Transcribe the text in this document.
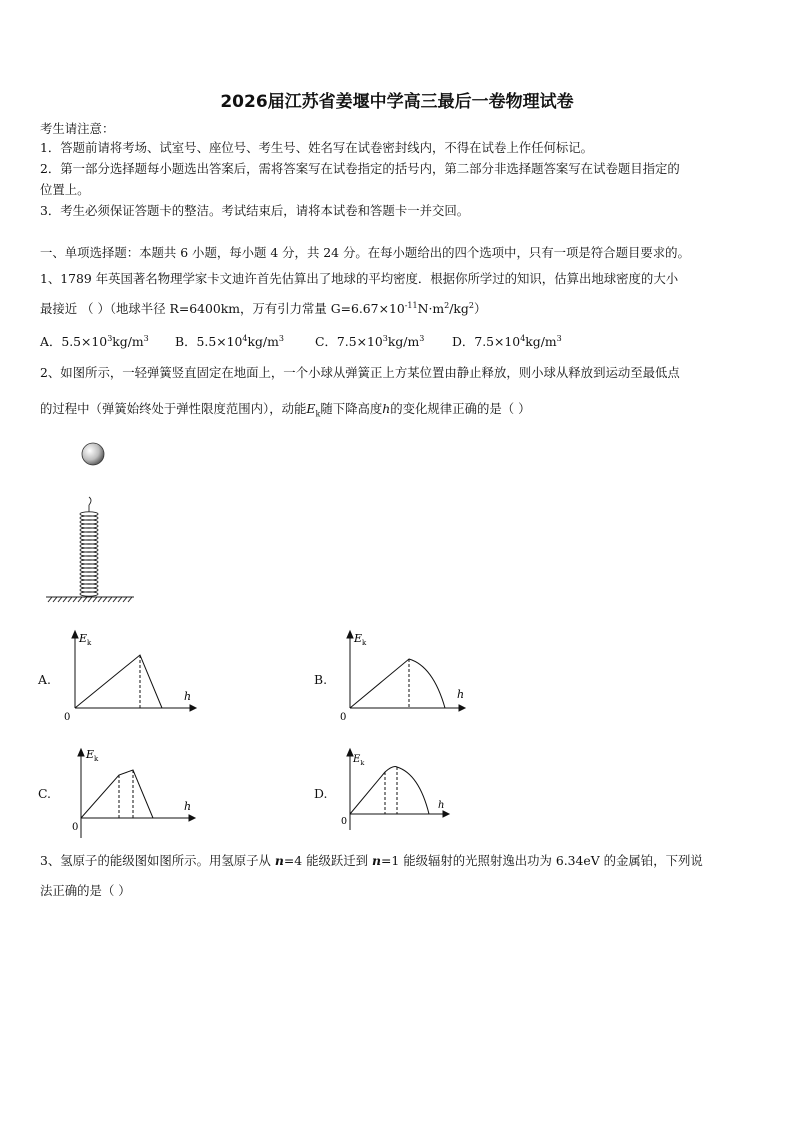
2026届江苏省姜堰中学高三最后一卷物理试卷
考生请注意：
1．答题前请将考场、试室号、座位号、考生号、姓名写在试卷密封线内，不得在试卷上作任何标记。
2．第一部分选择题每小题选出答案后，需将答案写在试卷指定的括号内，第二部分非选择题答案写在试卷题目指定的
位置上。
3．考生必须保证答题卡的整洁。考试结束后，请将本试卷和答题卡一并交回。
一、单项选择题：本题共 6 小题，每小题 4 分，共 24 分。在每小题给出的四个选项中，只有一项是符合题目要求的。
1、1789 年英国著名物理学家卡文迪许首先估算出了地球的平均密度．根据你所学过的知识，估算出地球密度的大小
最接近 （ ）（地球半径 R=6400km，万有引力常量 $G=6.67\times 10^{-11}N\cdot m^2/kg^2$）
A．$5.5\times 10^3kg/m^3$ B．$5.5\times 10^4kg/m^3$	C．$7.5\times 10^3kg/m^3$ D．$7.5\times 10^4kg/m^3$
2、如图所示，一轻弹簧竖直固定在地面上，一个小球从弹簧正上方某位置由静止释放，则小球从释放到运动至最低点
的过程中（弹簧始终处于弹性限度范围内），动能$E_k$随下降高度h的变化规律正确的是（ ）
A.	B.
C.	D.
$E_k$
h
0
$E_k$
h
0
$E_k$
h
0
$E_k$
h
0
3、氢原子的能级图如图所示。用氢原子从 n=4 能级跃迁到 n=1 能级辐射的光照射逸出功为 6.34eV 的金属铂，下列说
法正确的是（ ）
